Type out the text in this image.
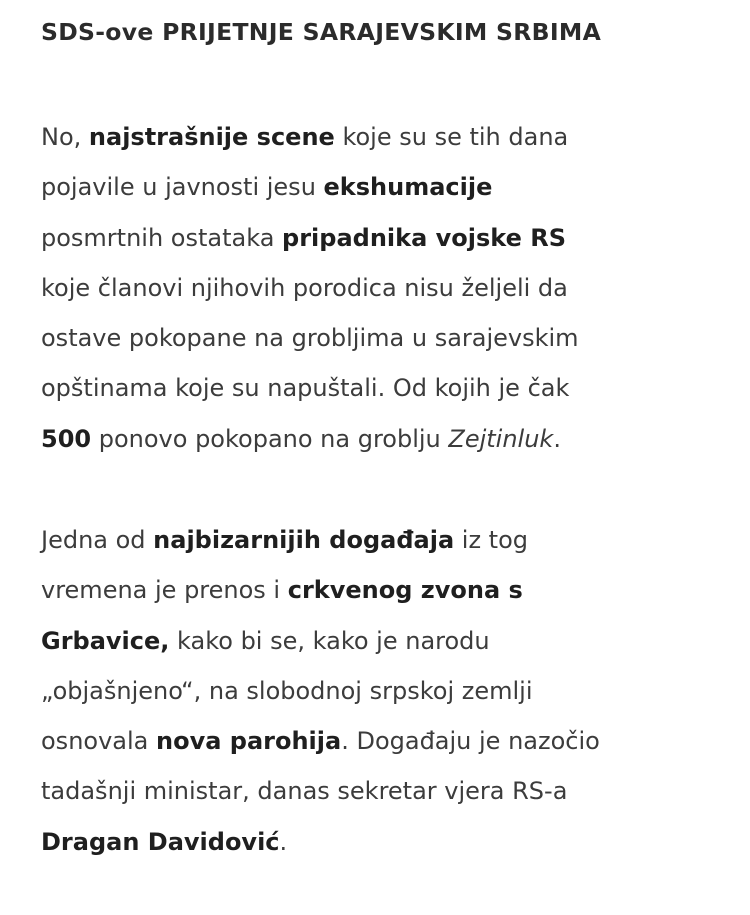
SDS-ove PRIJETNJE SARAJEVSKIM SRBIMA

No, najstrašnije scene koje su se tih dana
pojavile u javnosti jesu ekshumacije
posmrtnih ostataka pripadnika vojske RS
koje članovi njihovih porodica nisu željeli da
ostave pokopane na grobljima u sarajevskim
opštinama koje su napuštali. Od kojih je čak
500 ponovo pokopano na groblju Zejtinluk.

Jedna od najbizarnijih događaja iz tog
vremena je prenos i crkvenog zvona s
Grbavice, kako bi se, kako je narodu
„objašnjeno“, na slobodnoj srpskoj zemlji
osnovala nova parohija. Događaju je nazočio
tadašnji ministar, danas sekretar vjera RS-a
Dragan Davidović.
